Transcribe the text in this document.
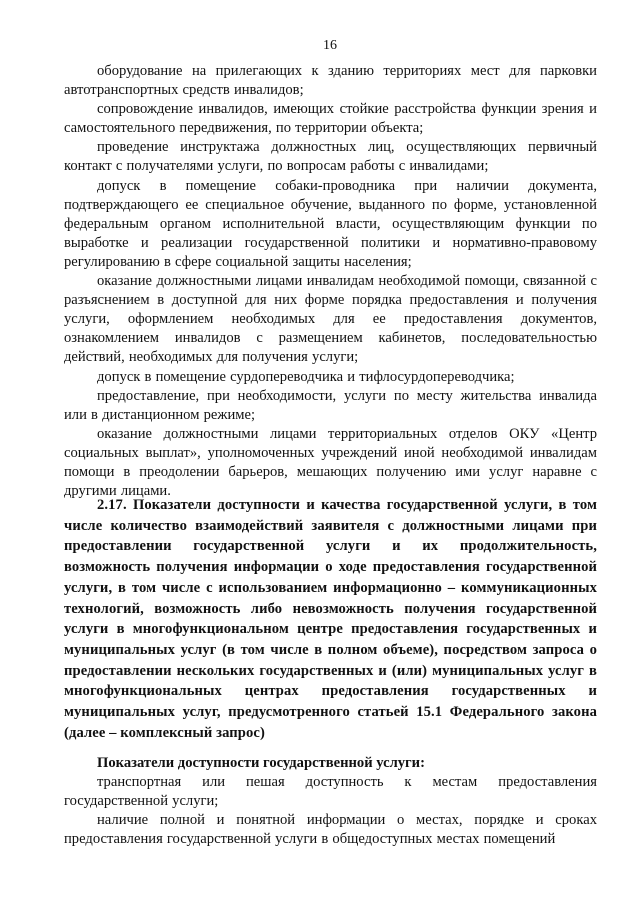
16

оборудование на прилегающих к зданию территориях мест для парковки автотранспортных средств инвалидов;

сопровождение инвалидов, имеющих стойкие расстройства функции зрения и самостоятельного передвижения, по территории объекта;

проведение инструктажа должностных лиц, осуществляющих первичный контакт с получателями услуги, по вопросам работы с инвалидами;

допуск в помещение собаки-проводника при наличии документа, подтверждающего ее специальное обучение, выданного по форме, установленной федеральным органом исполнительной власти, осуществляющим функции по выработке и реализации государственной политики и нормативно-правовому регулированию в сфере социальной защиты населения;

оказание должностными лицами инвалидам необходимой помощи, связанной с разъяснением в доступной для них форме порядка предоставления и получения услуги, оформлением необходимых для ее предоставления документов, ознакомлением инвалидов с размещением кабинетов, последовательностью действий, необходимых для получения услуги;

допуск в помещение сурдопереводчика и тифлосурдопереводчика;

предоставление, при необходимости, услуги по месту жительства инвалида или в дистанционном режиме;

оказание должностными лицами территориальных отделов ОКУ «Центр социальных выплат», уполномоченных учреждений иной необходимой инвалидам помощи в преодолении барьеров, мешающих получению ими услуг наравне с другими лицами.

2.17. Показатели доступности и качества государственной услуги, в том числе количество взаимодействий заявителя с должностными лицами при предоставлении государственной услуги и их продолжительность, возможность получения информации о ходе предоставления государственной услуги, в том числе с использованием информационно – коммуникационных технологий, возможность либо невозможность получения государственной услуги в многофункциональном центре предоставления государственных и муниципальных услуг (в том числе в полном объеме), посредством запроса о предоставлении нескольких государственных и (или) муниципальных услуг в многофункциональных центрах предоставления государственных и муниципальных услуг, предусмотренного статьей 15.1 Федерального закона (далее – комплексный запрос)

Показатели доступности государственной услуги:

транспортная или пешая доступность к местам предоставления государственной услуги;

наличие полной и понятной информации о местах, порядке и сроках предоставления государственной услуги в общедоступных местах помещений
